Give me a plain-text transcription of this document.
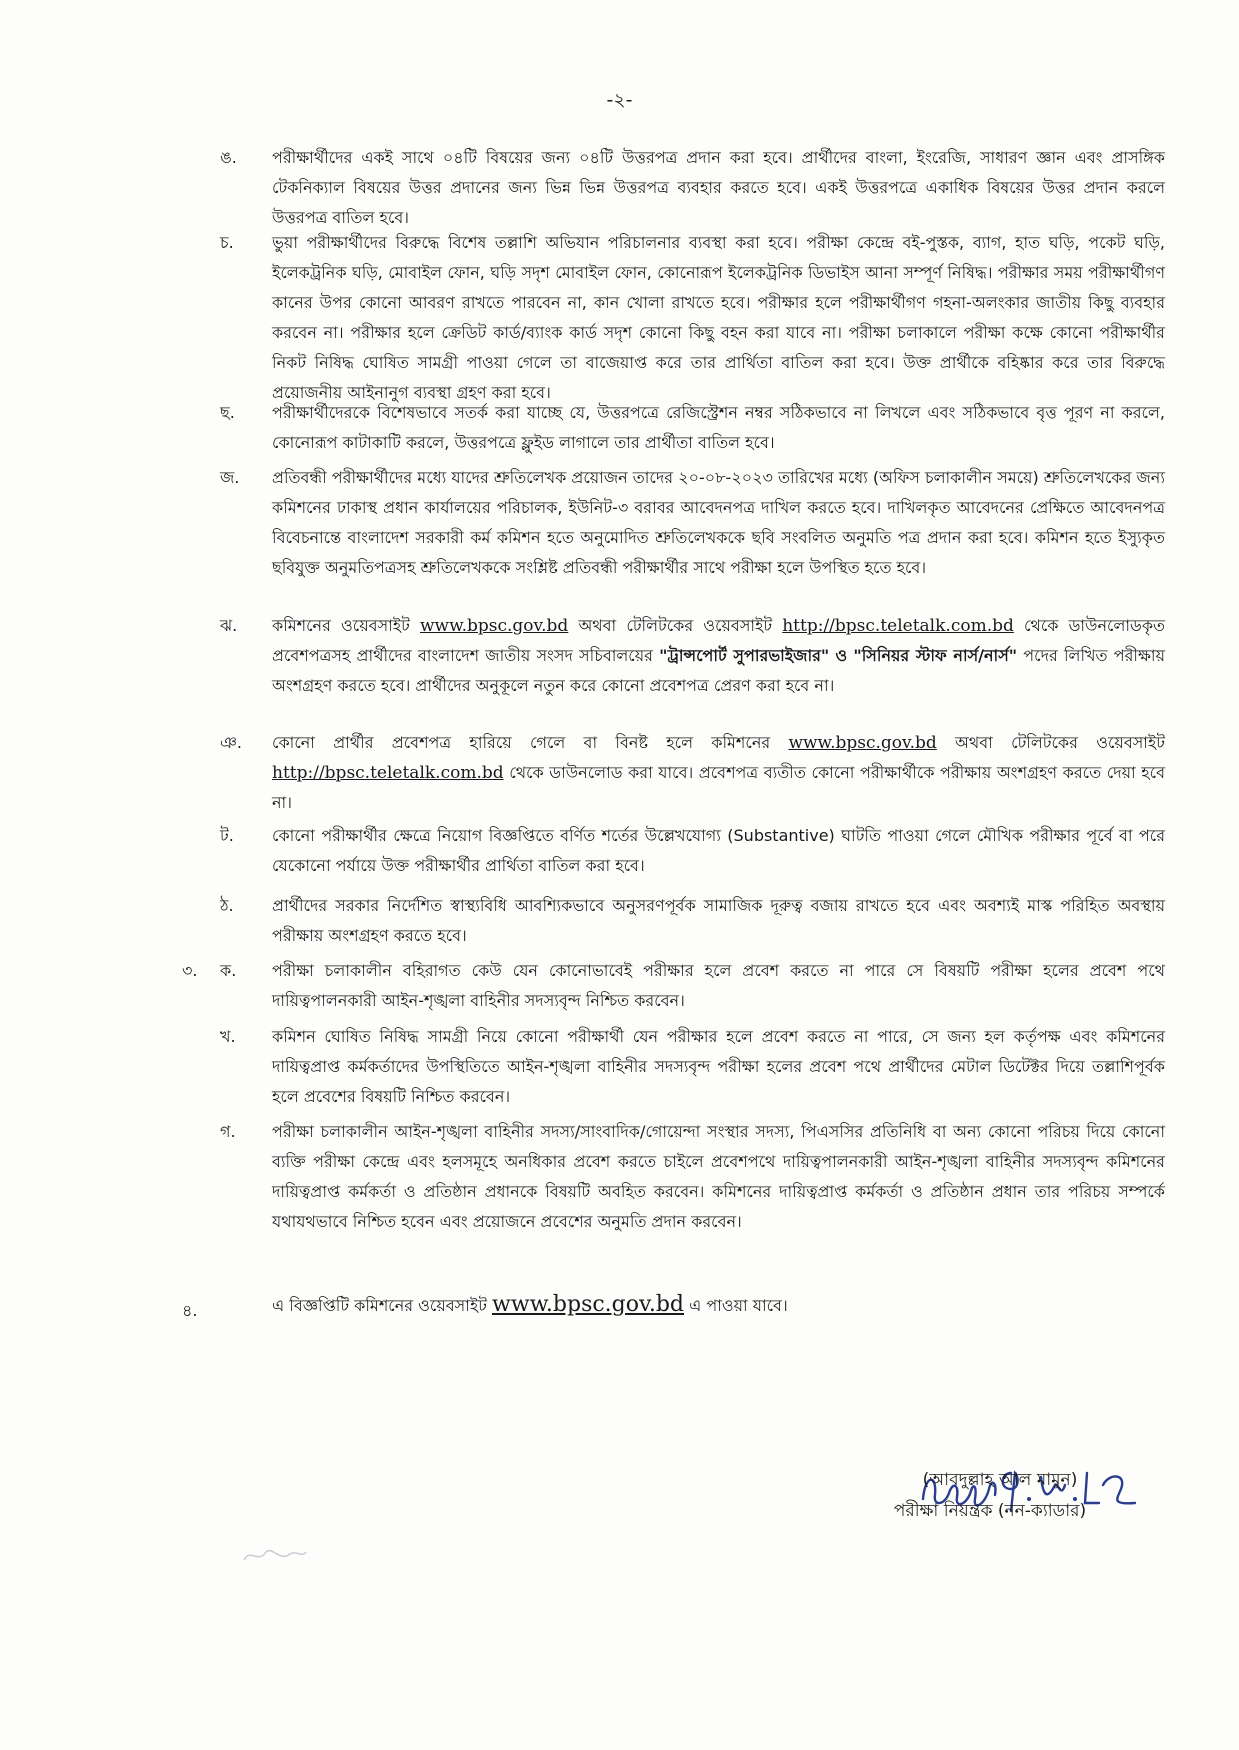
-২-
ঙ.	পরীক্ষার্থীদের একই সাথে ০৪টি বিষয়ের জন্য ০৪টি উত্তরপত্র প্রদান করা হবে। প্রার্থীদের বাংলা, ইংরেজি, সাধারণ জ্ঞান এবং প্রাসঙ্গিক টেকনিক্যাল বিষয়ের উত্তর প্রদানের জন্য ভিন্ন ভিন্ন উত্তরপত্র ব্যবহার করতে হবে। একই উত্তরপত্রে একাধিক বিষয়ের উত্তর প্রদান করলে উত্তরপত্র বাতিল হবে।
চ.	ভুয়া পরীক্ষার্থীদের বিরুদ্ধে বিশেষ তল্লাশি অভিযান পরিচালনার ব্যবস্থা করা হবে। পরীক্ষা কেন্দ্রে বই-পুস্তক, ব্যাগ, হাত ঘড়ি, পকেট ঘড়ি, ইলেকট্রনিক ঘড়ি, মোবাইল ফোন, ঘড়ি সদৃশ মোবাইল ফোন, কোনোরূপ ইলেকট্রনিক ডিভাইস আনা সম্পূর্ণ নিষিদ্ধ। পরীক্ষার সময় পরীক্ষার্থীগণ কানের উপর কোনো আবরণ রাখতে পারবেন না, কান খোলা রাখতে হবে। পরীক্ষার হলে পরীক্ষার্থীগণ গহনা-অলংকার জাতীয় কিছু ব্যবহার করবেন না। পরীক্ষার হলে ক্রেডিট কার্ড/ব্যাংক কার্ড সদৃশ কোনো কিছু বহন করা যাবে না। পরীক্ষা চলাকালে পরীক্ষা কক্ষে কোনো পরীক্ষার্থীর নিকট নিষিদ্ধ ঘোষিত সামগ্রী পাওয়া গেলে তা বাজেয়াপ্ত করে তার প্রার্থিতা বাতিল করা হবে। উক্ত প্রার্থীকে বহিষ্কার করে তার বিরুদ্ধে প্রয়োজনীয় আইনানুগ ব্যবস্থা গ্রহণ করা হবে।
ছ.	পরীক্ষার্থীদেরকে বিশেষভাবে সতর্ক করা যাচ্ছে যে, উত্তরপত্রে রেজিস্ট্রেশন নম্বর সঠিকভাবে না লিখলে এবং সঠিকভাবে বৃত্ত পূরণ না করলে, কোনোরূপ কাটাকাটি করলে, উত্তরপত্রে ফ্লুইড লাগালে তার প্রার্থীতা বাতিল হবে।
জ.	প্রতিবন্ধী পরীক্ষার্থীদের মধ্যে যাদের শ্রুতিলেখক প্রয়োজন তাদের ২০-০৮-২০২৩ তারিখের মধ্যে (অফিস চলাকালীন সময়ে) শ্রুতিলেখকের জন্য কমিশনের ঢাকাস্থ প্রধান কার্যালয়ের পরিচালক, ইউনিট-৩ বরাবর আবেদনপত্র দাখিল করতে হবে। দাখিলকৃত আবেদনের প্রেক্ষিতে আবেদনপত্র বিবেচনান্তে বাংলাদেশ সরকারী কর্ম কমিশন হতে অনুমোদিত শ্রুতিলেখককে ছবি সংবলিত অনুমতি পত্র প্রদান করা হবে। কমিশন হতে ইস্যুকৃত ছবিযুক্ত অনুমতিপত্রসহ শ্রুতিলেখককে সংশ্লিষ্ট প্রতিবন্ধী পরীক্ষার্থীর সাথে পরীক্ষা হলে উপস্থিত হতে হবে।
ঝ.	কমিশনের ওয়েবসাইট www.bpsc.gov.bd অথবা টেলিটকের ওয়েবসাইট http://bpsc.teletalk.com.bd থেকে ডাউনলোডকৃত প্রবেশপত্রসহ প্রার্থীদের বাংলাদেশ জাতীয় সংসদ সচিবালয়ের "ট্রান্সপোর্ট সুপারভাইজার" ও "সিনিয়র স্টাফ নার্স/নার্স" পদের লিখিত পরীক্ষায় অংশগ্রহণ করতে হবে। প্রার্থীদের অনুকূলে নতুন করে কোনো প্রবেশপত্র প্রেরণ করা হবে না।
ঞ.	কোনো প্রার্থীর প্রবেশপত্র হারিয়ে গেলে বা বিনষ্ট হলে কমিশনের www.bpsc.gov.bd অথবা টেলিটকের ওয়েবসাইট http://bpsc.teletalk.com.bd থেকে ডাউনলোড করা যাবে। প্রবেশপত্র ব্যতীত কোনো পরীক্ষার্থীকে পরীক্ষায় অংশগ্রহণ করতে দেয়া হবে না।
ট.	কোনো পরীক্ষার্থীর ক্ষেত্রে নিয়োগ বিজ্ঞপ্তিতে বর্ণিত শর্তের উল্লেখযোগ্য (Substantive) ঘাটতি পাওয়া গেলে মৌখিক পরীক্ষার পূর্বে বা পরে যেকোনো পর্যায়ে উক্ত পরীক্ষার্থীর প্রার্থিতা বাতিল করা হবে।
ঠ.	প্রার্থীদের সরকার নির্দেশিত স্বাস্থ্যবিধি আবশ্যিকভাবে অনুসরণপূর্বক সামাজিক দূরুত্ব বজায় রাখতে হবে এবং অবশ্যই মাস্ক পরিহিত অবস্থায় পরীক্ষায় অংশগ্রহণ করতে হবে।
৩. ক.	পরীক্ষা চলাকালীন বহিরাগত কেউ যেন কোনোভাবেই পরীক্ষার হলে প্রবেশ করতে না পারে সে বিষয়টি পরীক্ষা হলের প্রবেশ পথে দায়িত্বপালনকারী আইন-শৃঙ্খলা বাহিনীর সদস্যবৃন্দ নিশ্চিত করবেন।
খ.	কমিশন ঘোষিত নিষিদ্ধ সামগ্রী নিয়ে কোনো পরীক্ষার্থী যেন পরীক্ষার হলে প্রবেশ করতে না পারে, সে জন্য হল কর্তৃপক্ষ এবং কমিশনের দায়িত্বপ্রাপ্ত কর্মকর্তাদের উপস্থিতিতে আইন-শৃঙ্খলা বাহিনীর সদস্যবৃন্দ পরীক্ষা হলের প্রবেশ পথে প্রার্থীদের মেটাল ডিটেক্টর দিয়ে তল্লাশিপূর্বক হলে প্রবেশের বিষয়টি নিশ্চিত করবেন।
গ.	পরীক্ষা চলাকালীন আইন-শৃঙ্খলা বাহিনীর সদস্য/সাংবাদিক/গোয়েন্দা সংস্থার সদস্য, পিএসসির প্রতিনিধি বা অন্য কোনো পরিচয় দিয়ে কোনো ব্যক্তি পরীক্ষা কেন্দ্রে এবং হলসমূহে অনধিকার প্রবেশ করতে চাইলে প্রবেশপথে দায়িত্বপালনকারী আইন-শৃঙ্খলা বাহিনীর সদস্যবৃন্দ কমিশনের দায়িত্বপ্রাপ্ত কর্মকর্তা ও প্রতিষ্ঠান প্রধানকে বিষয়টি অবহিত করবেন। কমিশনের দায়িত্বপ্রাপ্ত কর্মকর্তা ও প্রতিষ্ঠান প্রধান তার পরিচয় সম্পর্কে যথাযথভাবে নিশ্চিত হবেন এবং প্রয়োজনে প্রবেশের অনুমতি প্রদান করবেন।
৪.	এ বিজ্ঞপ্তিটি কমিশনের ওয়েবসাইট www.bpsc.gov.bd এ পাওয়া যাবে।
(আবদুল্লাহ আল মামুন)
পরীক্ষা নিয়ন্ত্রক (নন-ক্যাডার)
